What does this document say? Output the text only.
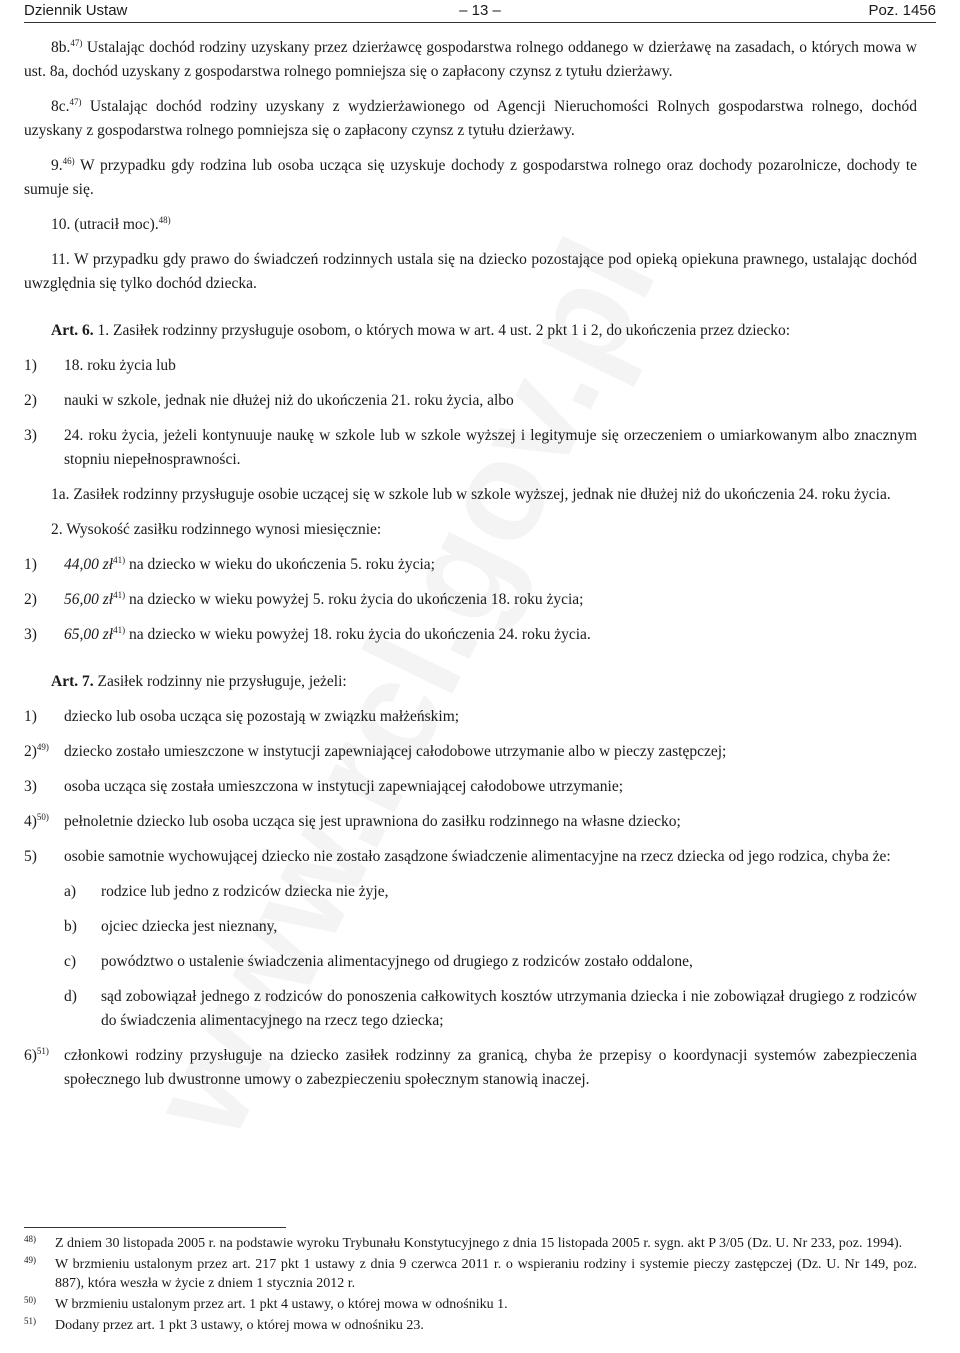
Dziennik Ustaw	– 13 –	Poz. 1456

8b.$^{47)}$ Ustalając dochód rodziny uzyskany przez dzierżawcę gospodarstwa rolnego oddanego w dzierżawę na zasadach, o których mowa w ust. 8a, dochód uzyskany z gospodarstwa rolnego pomniejsza się o zapłacony czynsz z tytułu dzierżawy.

8c.$^{47)}$ Ustalając dochód rodziny uzyskany z wydzierżawionego od Agencji Nieruchomości Rolnych gospodarstwa rolnego, dochód uzyskany z gospodarstwa rolnego pomniejsza się o zapłacony czynsz z tytułu dzierżawy.

9.$^{46)}$ W przypadku gdy rodzina lub osoba ucząca się uzyskuje dochody z gospodarstwa rolnego oraz dochody pozarolnicze, dochody te sumuje się.

10. (utracił moc).$^{48)}$

11. W przypadku gdy prawo do świadczeń rodzinnych ustala się na dziecko pozostające pod opieką opiekuna prawnego, ustalając dochód uwzględnia się tylko dochód dziecka.

Art. 6. 1. Zasiłek rodzinny przysługuje osobom, o których mowa w art. 4 ust. 2 pkt 1 i 2, do ukończenia przez dziecko:

1) 18. roku życia lub
2) nauki w szkole, jednak nie dłużej niż do ukończenia 21. roku życia, albo
3) 24. roku życia, jeżeli kontynuuje naukę w szkole lub w szkole wyższej i legitymuje się orzeczeniem o umiarkowanym albo znacznym stopniu niepełnosprawności.

1a. Zasiłek rodzinny przysługuje osobie uczącej się w szkole lub w szkole wyższej, jednak nie dłużej niż do ukończenia 24. roku życia.

2. Wysokość zasiłku rodzinnego wynosi miesięcznie:

1) 44,00 $zł^{41)}$ na dziecko w wieku do ukończenia 5. roku życia;
2) 56,00 $zł^{41)}$ na dziecko w wieku powyżej 5. roku życia do ukończenia 18. roku życia;
3) 65,00 $zł^{41)}$ na dziecko w wieku powyżej 18. roku życia do ukończenia 24. roku życia.

Art. 7. Zasiłek rodzinny nie przysługuje, jeżeli:

1) dziecko lub osoba ucząca się pozostają w związku małżeńskim;
2)$^{49)}$ dziecko zostało umieszczone w instytucji zapewniającej całodobowe utrzymanie albo w pieczy zastępczej;
3) osoba ucząca się została umieszczona w instytucji zapewniającej całodobowe utrzymanie;
4)$^{50)}$ pełnoletnie dziecko lub osoba ucząca się jest uprawniona do zasiłku rodzinnego na własne dziecko;
5) osobie samotnie wychowującej dziecko nie zostało zasądzone świadczenie alimentacyjne na rzecz dziecka od jego rodzica, chyba że:
a) rodzice lub jedno z rodziców dziecka nie żyje,
b) ojciec dziecka jest nieznany,
c) powództwo o ustalenie świadczenia alimentacyjnego od drugiego z rodziców zostało oddalone,
d) sąd zobowiązał jednego z rodziców do ponoszenia całkowitych kosztów utrzymania dziecka i nie zobowiązał drugiego z rodziców do świadczenia alimentacyjnego na rzecz tego dziecka;
6)$^{51)}$ członkowi rodziny przysługuje na dziecko zasiłek rodzinny za granicą, chyba że przepisy o koordynacji systemów zabezpieczenia społecznego lub dwustronne umowy o zabezpieczeniu społecznym stanowią inaczej.
48) Z dniem 30 listopada 2005 r. na podstawie wyroku Trybunału Konstytucyjnego z dnia 15 listopada 2005 r. sygn. akt P 3/05 (Dz. U. Nr 233, poz. 1994).
49) W brzmieniu ustalonym przez art. 217 pkt 1 ustawy z dnia 9 czerwca 2011 r. o wspieraniu rodziny i systemie pieczy zastępczej (Dz. U. Nr 149, poz. 887), która weszła w życie z dniem 1 stycznia 2012 r.
50) W brzmieniu ustalonym przez art. 1 pkt 4 ustawy, o której mowa w odnośniku 1.
51) Dodany przez art. 1 pkt 3 ustawy, o której mowa w odnośniku 23.
